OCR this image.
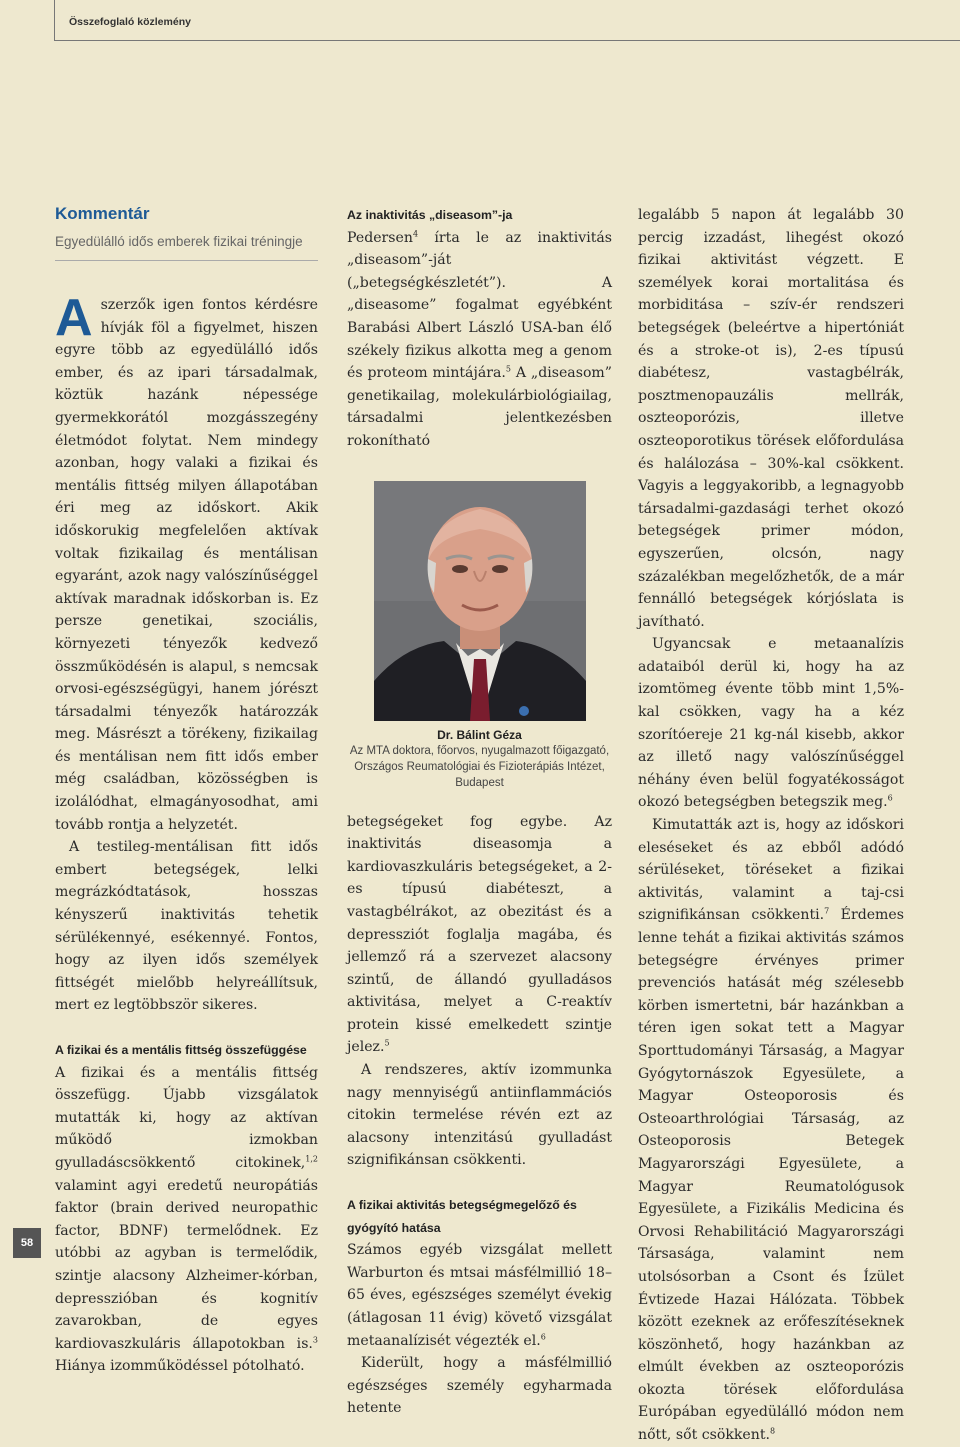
Összefoglaló közlemény
58
Kommentár
Egyedülálló idős emberek fizikai tréningje

A szerzők igen fontos kérdésre hívják föl a figyelmet, hiszen egyre több az egyedülálló idős ember, és az ipari társadalmak, köztük hazánk népessége gyermekkorától mozgásszegény életmódot folytat. Nem mindegy azonban, hogy valaki a fizikai és mentális fittség milyen állapotában éri meg az időskort. Akik időskorukig megfelelően aktívak voltak fizikailag és mentálisan egyaránt, azok nagy valószínűséggel aktívak maradnak időskorban is. Ez persze genetikai, szociális, környezeti tényezők kedvező összműködésén is alapul, s nemcsak orvosi-egészségügyi, hanem jórészt társadalmi tényezők határozzák meg. Másrészt a törékeny, fizikailag és mentálisan nem fitt idős ember még családban, közösségben is izolálódhat, elmagányosodhat, ami tovább rontja a helyzetét.

A testileg-mentálisan fitt idős embert betegségek, lelki megrázkódtatások, hosszas kényszerű inaktivitás tehetik sérülékennyé, esékennyé. Fontos, hogy az ilyen idős személyek fittségét mielőbb helyreállítsuk, mert ez legtöbbször sikeres.

A fizikai és a mentális fittség összefüggése

A fizikai és a mentális fittség összefügg. Újabb vizsgálatok mutatták ki, hogy az aktívan működő izmokban gyulladáscsökkentő citokinek,$^{1,2}$ valamint agyi eredetű neuropátiás faktor (brain derived neuropathic factor, BDNF) termelődnek. Ez utóbbi az agyban is termelődik, szintje alacsony Alzheimer-kórban, depresszióban és kognitív zavarokban, de egyes kardiovaszkuláris állapotokban is.$^3$ Hiánya izomműködéssel pótolható.

Az inaktivitás „diseasom”-ja

Pedersen$^4$ írta le az inaktivitás „diseasom”-ját („betegségkészletét”). A „diseasome” fogalmat egyébként Barabási Albert László USA-ban élő székely fizikus alkotta meg a genom és proteom mintájára.$^5$ A „diseasom” genetikailag, molekulárbiológiailag, társadalmi jelentkezésben rokonítható

Dr. Bálint Géza
Az MTA doktora, főorvos, nyugalmazott főigazgató, Országos Reumatológiai és Fizioterápiás Intézet, Budapest

betegségeket fog egybe. Az inaktivitás diseasomja a kardiovaszkuláris betegségeket, a 2-es típusú diabéteszt, a vastagbélrákot, az obezitást és a depressziót foglalja magába, és jellemző rá a szervezet alacsony szintű, de állandó gyulladásos aktivitása, melyet a C-reaktív protein kissé emelkedett szintje jelez.$^5$

A rendszeres, aktív izommunka nagy mennyiségű antiinflammációs citokin termelése révén ezt az alacsony intenzitású gyulladást szignifikánsan csökkenti.

A fizikai aktivitás betegségmegelőző és gyógyító hatása

Számos egyéb vizsgálat mellett Warburton és mtsai másfélmillió 18–65 éves, egészséges személyt évekig (átlagosan 11 évig) követő vizsgálat metaanalízisét végezték el.$^6$

Kiderült, hogy a másfélmillió egészséges személy egyharmada hetente

legalább 5 napon át legalább 30 percig izzadást, lihegést okozó fizikai aktivitást végzett. E személyek korai mortalitása és morbiditása – szív-ér rendszeri betegségek (beleértve a hipertóniát és a stroke-ot is), 2-es típusú diabétesz, vastagbélrák, posztmenopauzális mellrák, oszteoporózis, illetve oszteoporotikus törések előfordulása és halálozása – 30%-kal csökkent. Vagyis a leggyakoribb, a legnagyobb társadalmi-gazdasági terhet okozó betegségek primer módon, egyszerűen, olcsón, nagy százalékban megelőzhetők, de a már fennálló betegségek kórjóslata is javítható.

Ugyancsak e metaanalízis adataiból derül ki, hogy ha az izomtömeg évente több mint 1,5%-kal csökken, vagy ha a kéz szorítóereje 21 kg-nál kisebb, akkor az illető nagy valószínűséggel néhány éven belül fogyatékosságot okozó betegségben betegszik meg.$^6$

Kimutatták azt is, hogy az időskori eleséseket és az ebből adódó sérüléseket, töréseket a fizikai aktivitás, valamint a taj-csi szignifikánsan csökkenti.$^7$ Érdemes lenne tehát a fizikai aktivitás számos betegségre érvényes primer prevenciós hatását még szélesebb körben ismertetni, bár hazánkban a téren igen sokat tett a Magyar Sporttudományi Társaság, a Magyar Gyógytornászok Egyesülete, a Magyar Osteoporosis és Osteoarthrológiai Társaság, az Osteoporosis Betegek Magyarországi Egyesülete, a Magyar Reumatológusok Egyesülete, a Fizikális Medicina és Orvosi Rehabilitáció Magyarországi Társasága, valamint nem utolsósorban a Csont és Ízület Évtizede Hazai Hálózata. Többek között ezeknek az erőfeszítéseknek köszönhető, hogy hazánkban az elmúlt években az oszteoporózis okozta törések előfordulása Európában egyedülálló módon nem nőtt, sőt csökkent.$^8$
